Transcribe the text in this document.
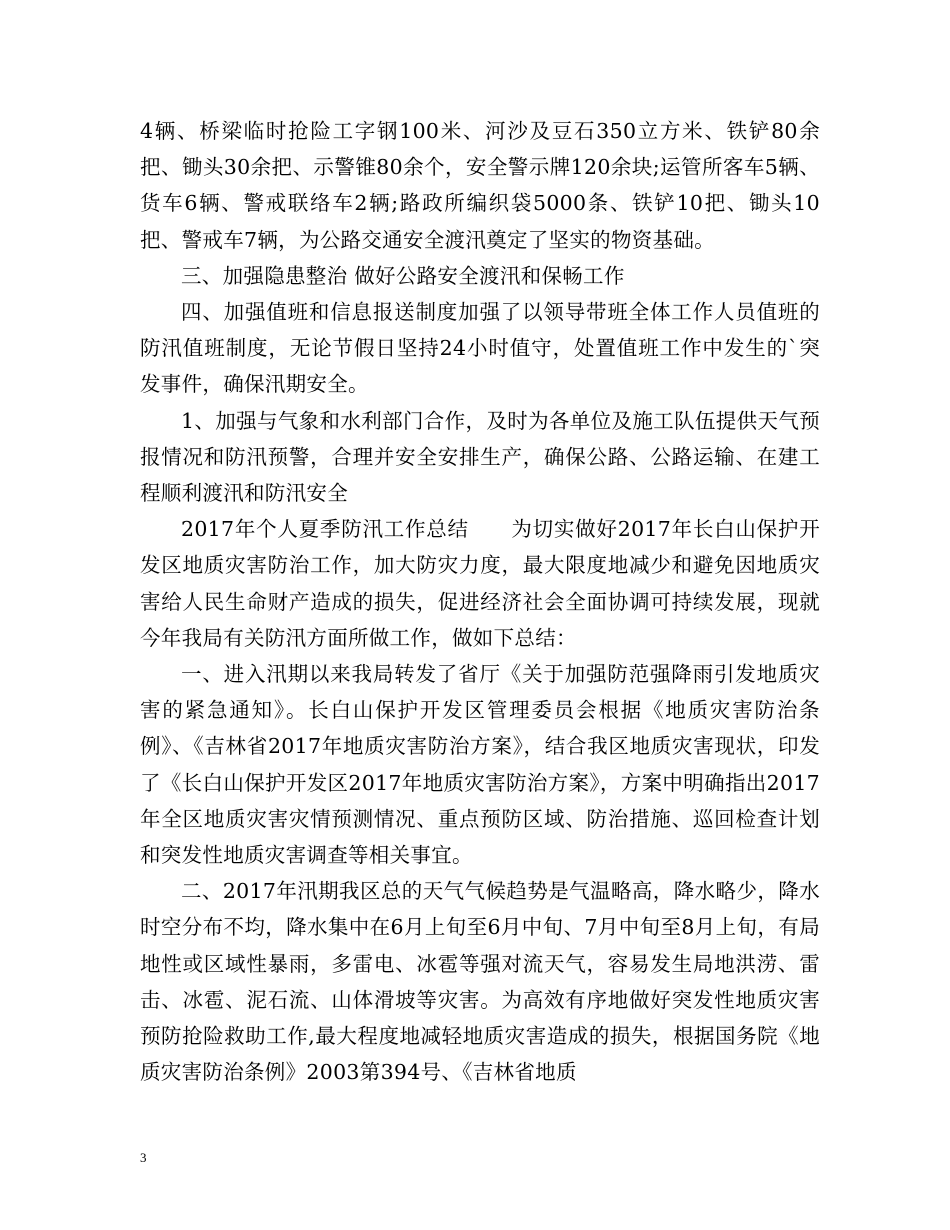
4辆、桥梁临时抢险工字钢100米、河沙及豆石350立方米、铁铲80余把、锄头30余把、示警锥80余个，安全警示牌120余块;运管所客车5辆、货车6辆、警戒联络车2辆;路政所编织袋5000条、铁铲10把、锄头10把、警戒车7辆，为公路交通安全渡汛奠定了坚实的物资基础。

三、加强隐患整治 做好公路安全渡汛和保畅工作

四、加强值班和信息报送制度加强了以领导带班全体工作人员值班的防汛值班制度，无论节假日坚持24小时值守，处置值班工作中发生的`突发事件，确保汛期安全。

1、加强与气象和水利部门合作，及时为各单位及施工队伍提供天气预报情况和防汛预警，合理并安全安排生产，确保公路、公路运输、在建工程顺利渡汛和防汛安全

2017年个人夏季防汛工作总结　　为切实做好2017年长白山保护开发区地质灾害防治工作，加大防灾力度，最大限度地减少和避免因地质灾害给人民生命财产造成的损失，促进经济社会全面协调可持续发展，现就今年我局有关防汛方面所做工作，做如下总结：

一、进入汛期以来我局转发了省厅《关于加强防范强降雨引发地质灾害的紧急通知》。长白山保护开发区管理委员会根据《地质灾害防治条例》、《吉林省2017年地质灾害防治方案》，结合我区地质灾害现状，印发了《长白山保护开发区2017年地质灾害防治方案》，方案中明确指出2017年全区地质灾害灾情预测情况、重点预防区域、防治措施、巡回检查计划和突发性地质灾害调查等相关事宜。

二、2017年汛期我区总的天气气候趋势是气温略高，降水略少，降水时空分布不均，降水集中在6月上旬至6月中旬、7月中旬至8月上旬，有局地性或区域性暴雨，多雷电、冰雹等强对流天气，容易发生局地洪涝、雷击、冰雹、泥石流、山体滑坡等灾害。为高效有序地做好突发性地质灾害预防抢险救助工作,最大程度地减轻地质灾害造成的损失，根据国务院《地质灾害防治条例》2003第394号、《吉林省地质

3
